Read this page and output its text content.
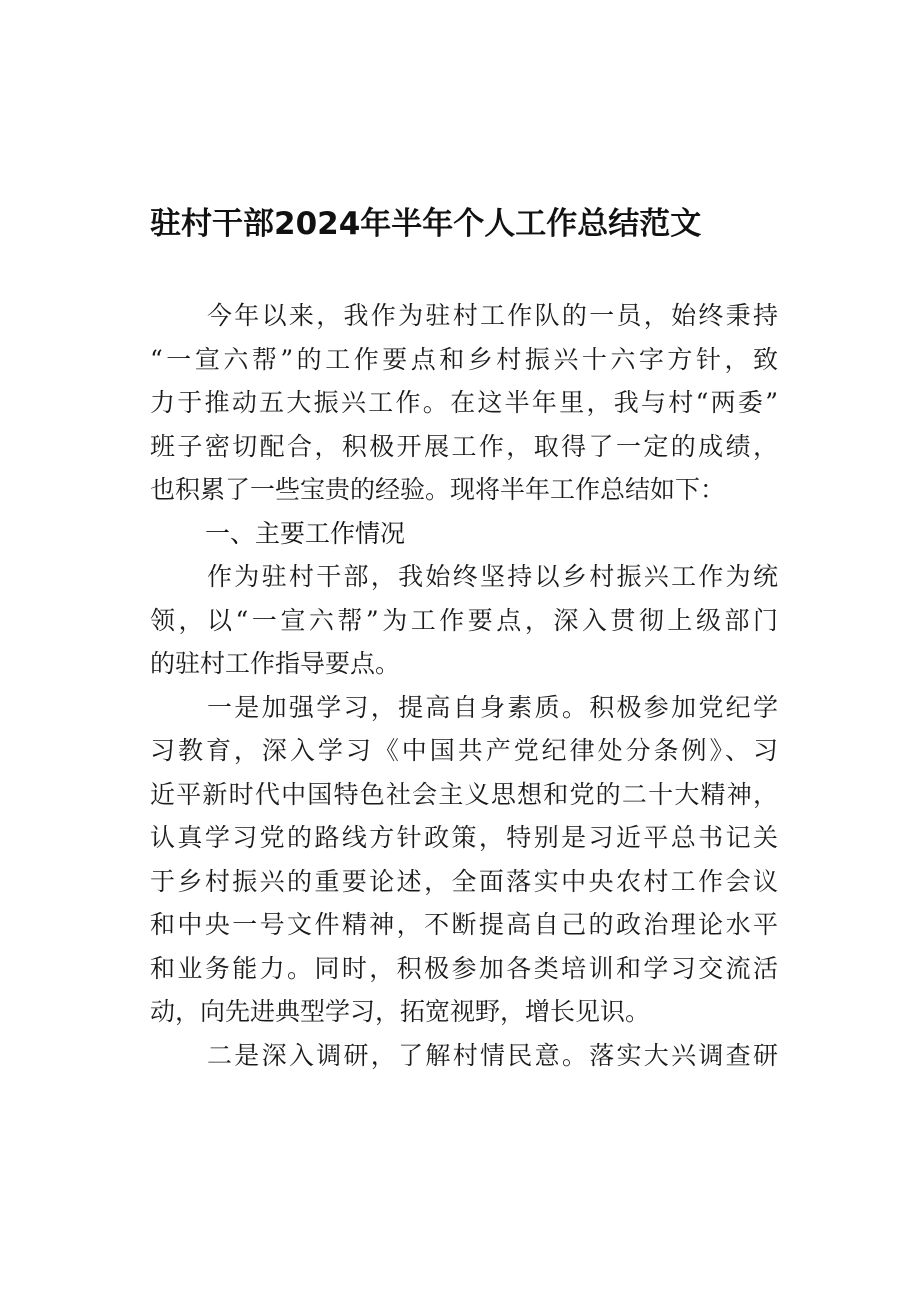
驻村干部2024年半年个人工作总结范文

今年以来，我作为驻村工作队的一员，始终秉持
“一宣六帮”的工作要点和乡村振兴十六字方针，致
力于推动五大振兴工作。在这半年里，我与村“两委”
班子密切配合，积极开展工作，取得了一定的成绩，
也积累了一些宝贵的经验。现将半年工作总结如下：

一、主要工作情况

作为驻村干部，我始终坚持以乡村振兴工作为统
领，以“一宣六帮”为工作要点，深入贯彻上级部门
的驻村工作指导要点。

一是加强学习，提高自身素质。积极参加党纪学
习教育，深入学习《中国共产党纪律处分条例》、习
近平新时代中国特色社会主义思想和党的二十大精神，
认真学习党的路线方针政策，特别是习近平总书记关
于乡村振兴的重要论述，全面落实中央农村工作会议
和中央一号文件精神，不断提高自己的政治理论水平
和业务能力。同时，积极参加各类培训和学习交流活
动，向先进典型学习，拓宽视野，增长见识。

二是深入调研，了解村情民意。落实大兴调查研
